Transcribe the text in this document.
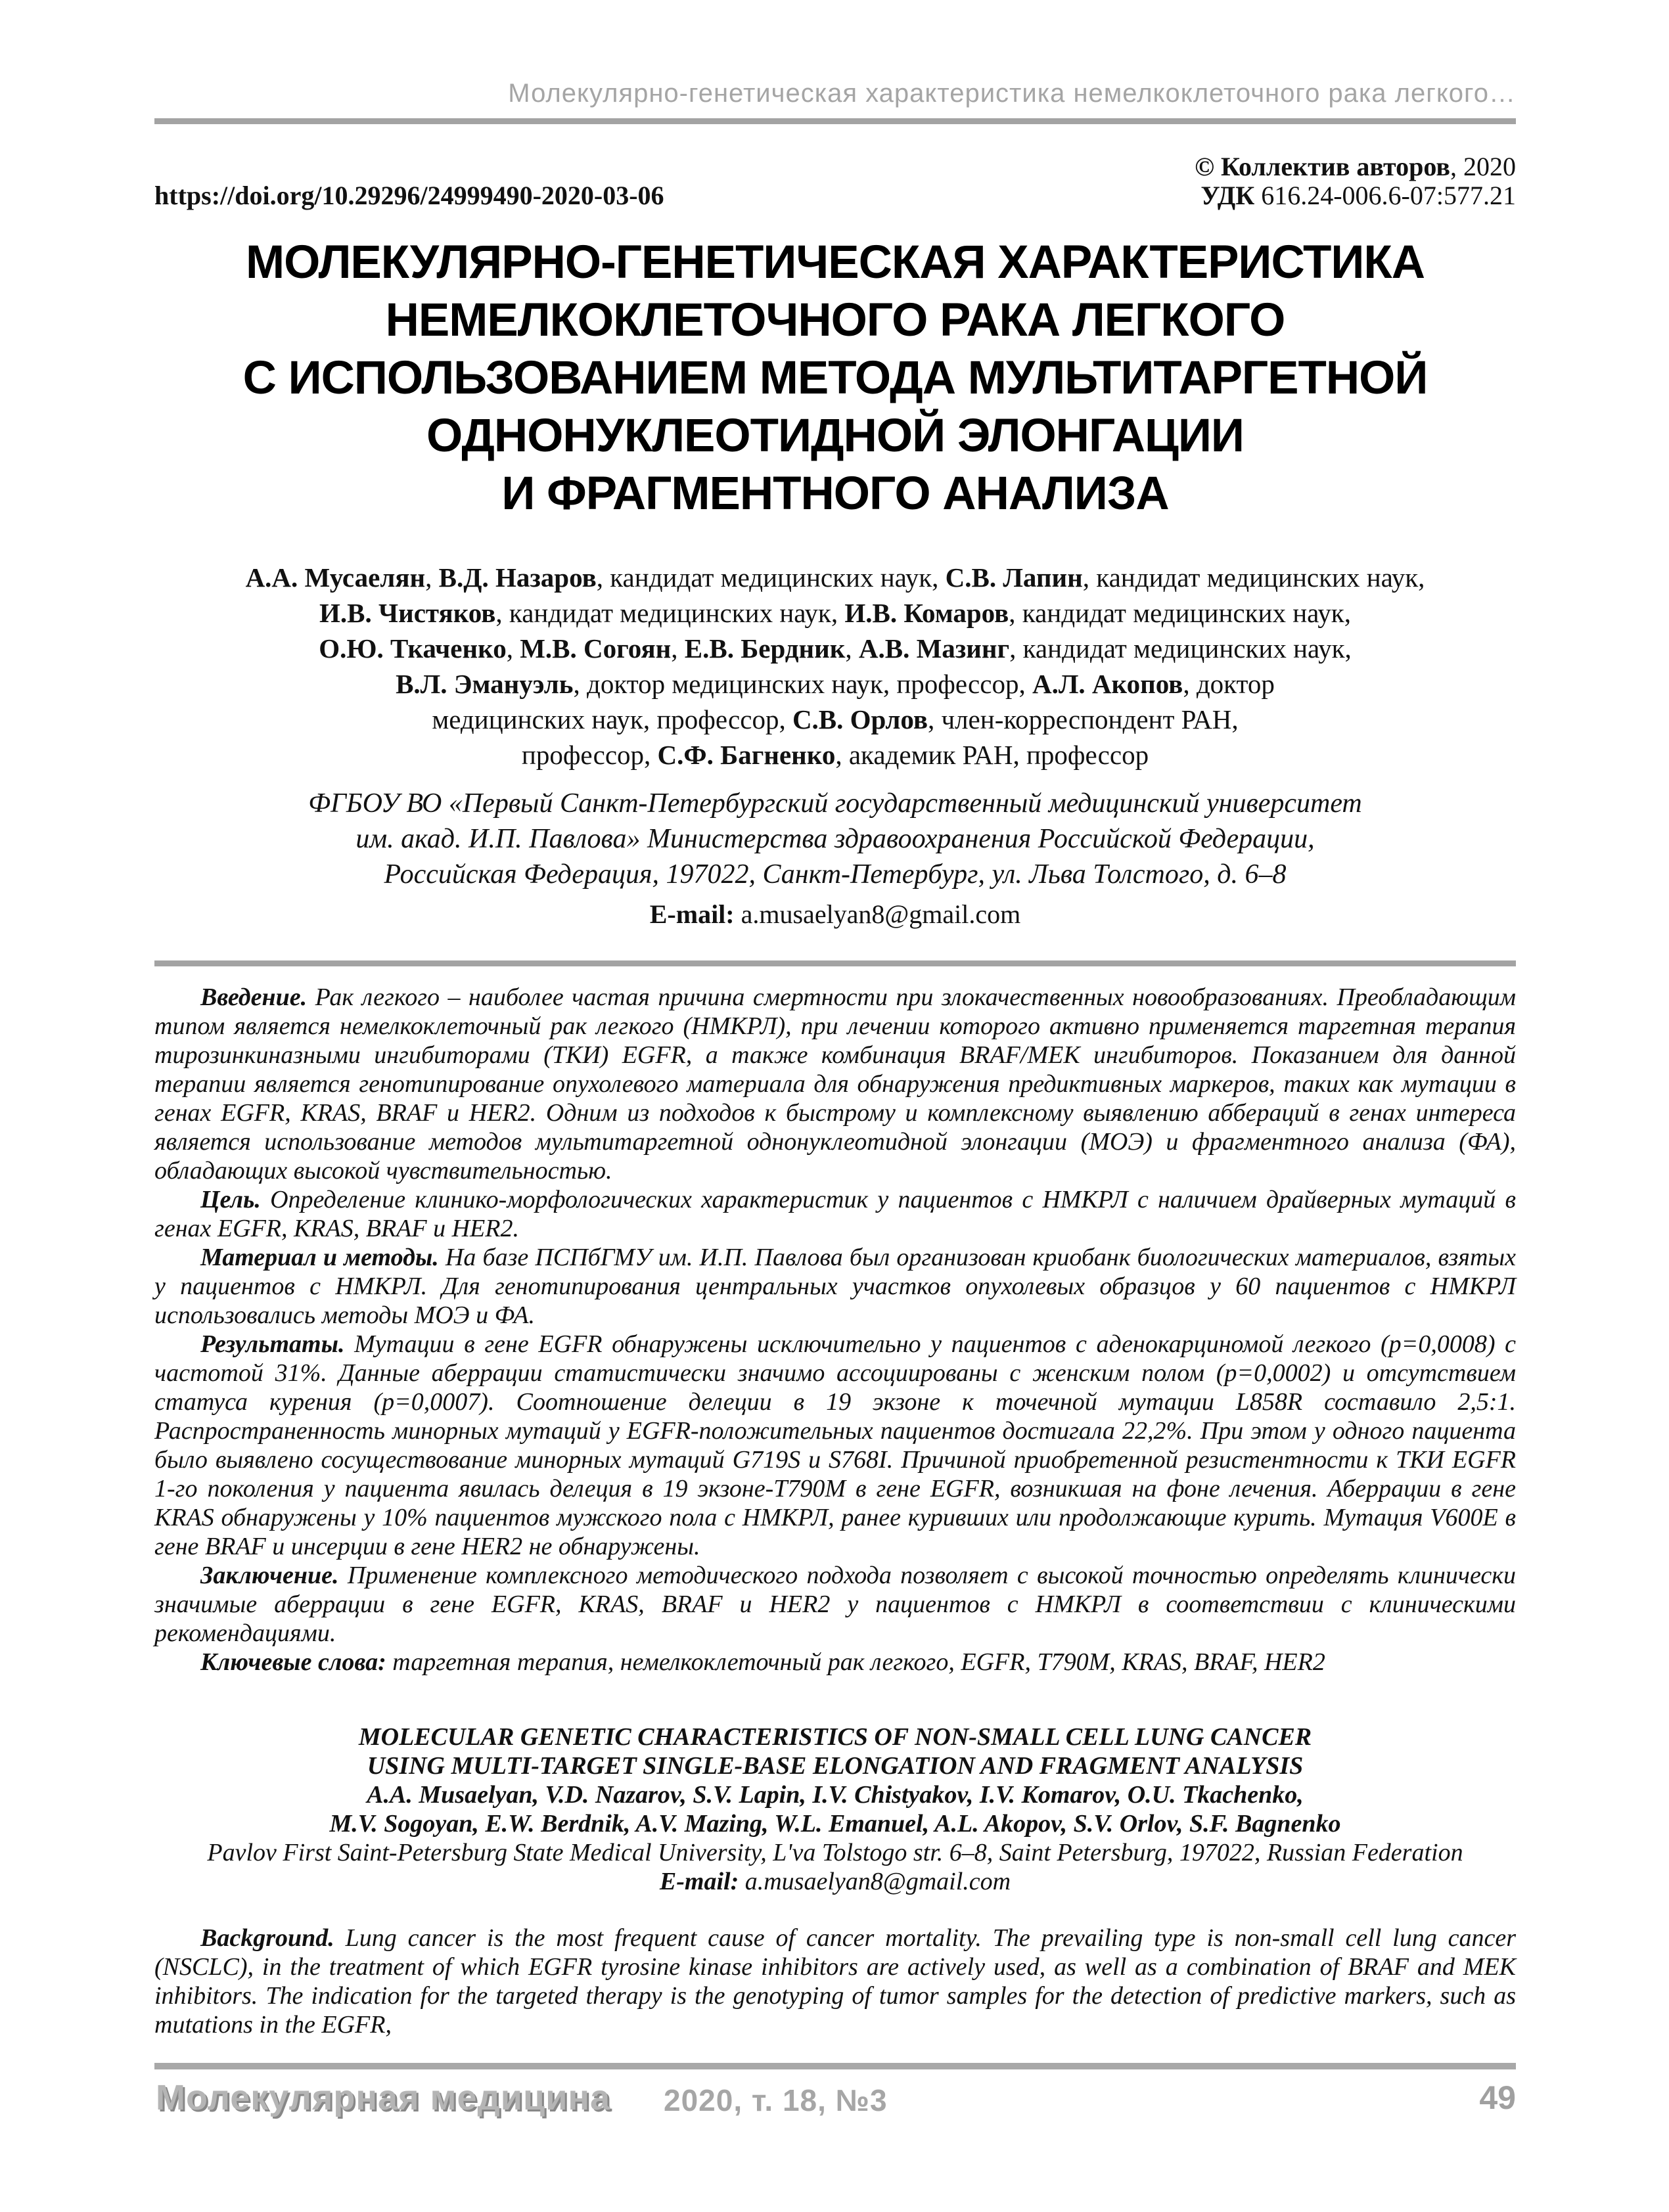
Молекулярно-генетическая характеристика немелкоклеточного рака легкого…
© Коллектив авторов, 2020
https://doi.org/10.29296/24999490-2020-03-06	УДК 616.24-006.6-07:577.21
МОЛЕКУЛЯРНО-ГЕНЕТИЧЕСКАЯ ХАРАКТЕРИСТИКА
НЕМЕЛКОКЛЕТОЧНОГО РАКА ЛЕГКОГО
С ИСПОЛЬЗОВАНИЕМ МЕТОДА МУЛЬТИТАРГЕТНОЙ
ОДНОНУКЛЕОТИДНОЙ ЭЛОНГАЦИИ
И ФРАГМЕНТНОГО АНАЛИЗА
А.А. Мусаелян, В.Д. Назаров, кандидат медицинских наук, С.В. Лапин, кандидат медицинских наук,
И.В. Чистяков, кандидат медицинских наук, И.В. Комаров, кандидат медицинских наук,
О.Ю. Ткаченко, М.В. Согоян, Е.В. Бердник, А.В. Мазинг, кандидат медицинских наук,
В.Л. Эмануэль, доктор медицинских наук, профессор, А.Л. Акопов, доктор
медицинских наук, профессор, С.В. Орлов, член-корреспондент РАН,
профессор, С.Ф. Багненко, академик РАН, профессор
ФГБОУ ВО «Первый Санкт-Петербургский государственный медицинский университет
им. акад. И.П. Павлова» Министерства здравоохранения Российской Федерации,
Российская Федерация, 197022, Санкт-Петербург, ул. Льва Толстого, д. 6–8
E-mail: a.musaelyan8@gmail.com

Введение. Рак легкого – наиболее частая причина смертности при злокачественных новообразованиях. Преобладающим типом является немелкоклеточный рак легкого (НМКРЛ), при лечении которого активно применяется таргетная терапия тирозинкиназными ингибиторами (ТКИ) EGFR, а также комбинация BRAF/MEK ингибиторов. Показанием для данной терапии является генотипирование опухолевого материала для обнаружения предиктивных маркеров, таких как мутации в генах EGFR, KRAS, BRAF и HER2. Одним из подходов к быстрому и комплексному выявлению аббераций в генах интереса является использование методов мультитаргетной однонуклеотидной элонгации (МОЭ) и фрагментного анализа (ФА), обладающих высокой чувствительностью.

Цель. Определение клинико-морфологических характеристик у пациентов с НМКРЛ с наличием драйверных мутаций в генах EGFR, KRAS, BRAF и HER2.

Материал и методы. На базе ПСПбГМУ им. И.П. Павлова был организован криобанк биологических материалов, взятых у пациентов с НМКРЛ. Для генотипирования центральных участков опухолевых образцов у 60 пациентов с НМКРЛ использовались методы МОЭ и ФА.

Результаты. Мутации в гене EGFR обнаружены исключительно у пациентов с аденокарциномой легкого (р=0,0008) с частотой 31%. Данные аберрации статистически значимо ассоциированы с женским полом (р=0,0002) и отсутствием статуса курения (р=0,0007). Соотношение делеции в 19 экзоне к точечной мутации L858R составило 2,5:1. Распространенность минорных мутаций у EGFR-положительных пациентов достигала 22,2%. При этом у одного пациента было выявлено сосуществование минорных мутаций G719S и S768I. Причиной приобретенной резистентности к ТКИ EGFR 1-го поколения у пациента явилась делеция в 19 экзоне-T790M в гене EGFR, возникшая на фоне лечения. Аберрации в гене KRAS обнаружены у 10% пациентов мужского пола с НМКРЛ, ранее куривших или продолжающие курить. Мутация V600E в гене BRAF и инсерции в гене HER2 не обнаружены.

Заключение. Применение комплексного методического подхода позволяет с высокой точностью определять клинически значимые аберрации в гене EGFR, KRAS, BRAF и HER2 у пациентов с НМКРЛ в соответствии с клиническими рекомендациями.

Ключевые слова: таргетная терапия, немелкоклеточный рак легкого, EGFR, T790M, KRAS, BRAF, HER2

MOLECULAR GENETIC CHARACTERISTICS OF NON-SMALL CELL LUNG CANCER
USING MULTI-TARGET SINGLE-BASE ELONGATION AND FRAGMENT ANALYSIS
A.A. Musaelyan, V.D. Nazarov, S.V. Lapin, I.V. Chistyakov, I.V. Komarov, O.U. Tkachenko,
M.V. Sogoyan, E.W. Berdnik, A.V. Mazing, W.L. Emanuel, A.L. Akopov, S.V. Orlov, S.F. Bagnenko
Pavlov First Saint-Petersburg State Medical University, L'va Tolstogo str. 6–8, Saint Petersburg, 197022, Russian Federation
E-mail: a.musaelyan8@gmail.com

Background. Lung cancer is the most frequent cause of cancer mortality. The prevailing type is non-small cell lung cancer (NSCLC), in the treatment of which EGFR tyrosine kinase inhibitors are actively used, as well as a combination of BRAF and MEK inhibitors. The indication for the targeted therapy is the genotyping of tumor samples for the detection of predictive markers, such as mutations in the EGFR,

Молекулярная медицина 2020, т. 18, №3	49
